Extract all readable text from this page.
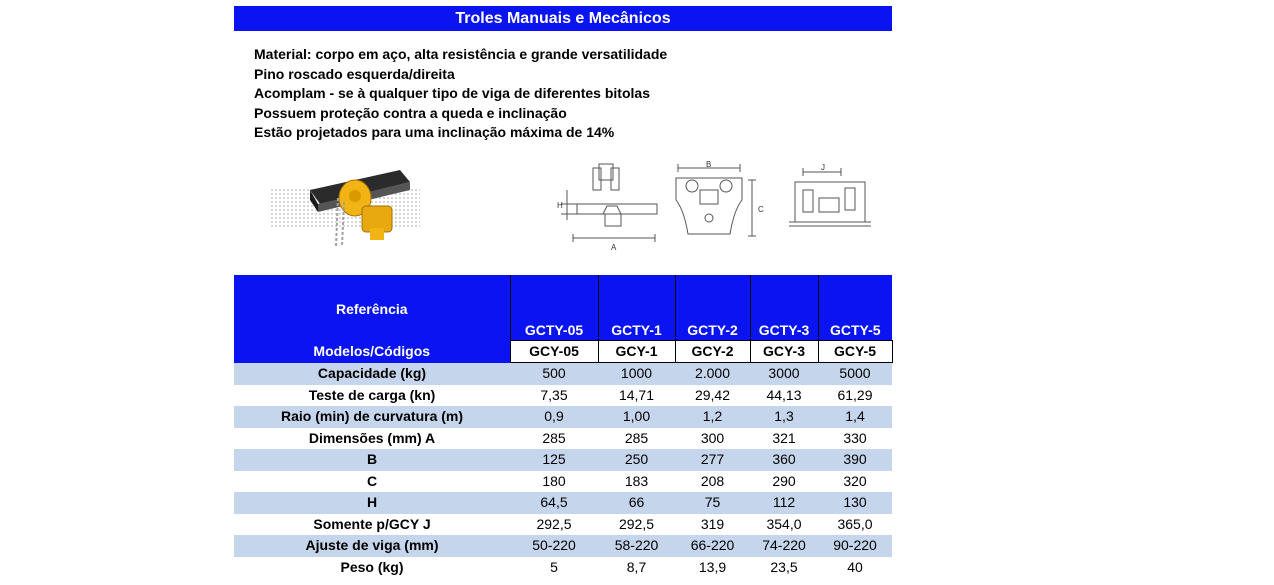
Troles Manuais e Mecânicos
Material: corpo em aço, alta resistência e grande versatilidade
Pino roscado esquerda/direita
Acomplam - se à qualquer tipo de viga de diferentes bitolas
Possuem proteção contra a queda e inclinação
Estão projetados para uma inclinação máxima de 14%
H
A
B
C
J
Referência	GCTY-05	GCTY-1	GCTY-2	GCTY-3	GCTY-5
Modelos/Códigos	GCY-05	GCY-1	GCY-2	GCY-3	GCY-5
Capacidade (kg)	500	1000	2.000	3000	5000
Teste de carga (kn)	7,35	14,71	29,42	44,13	61,29
Raio (min) de curvatura (m)	0,9	1,00	1,2	1,3	1,4
Dimensões (mm) A	285	285	300	321	330
B	125	250	277	360	390
C	180	183	208	290	320
H	64,5	66	75	112	130
Somente p/GCY J	292,5	292,5	319	354,0	365,0
Ajuste de viga (mm)	50-220	58-220	66-220	74-220	90-220
Peso (kg)	5	8,7	13,9	23,5	40
